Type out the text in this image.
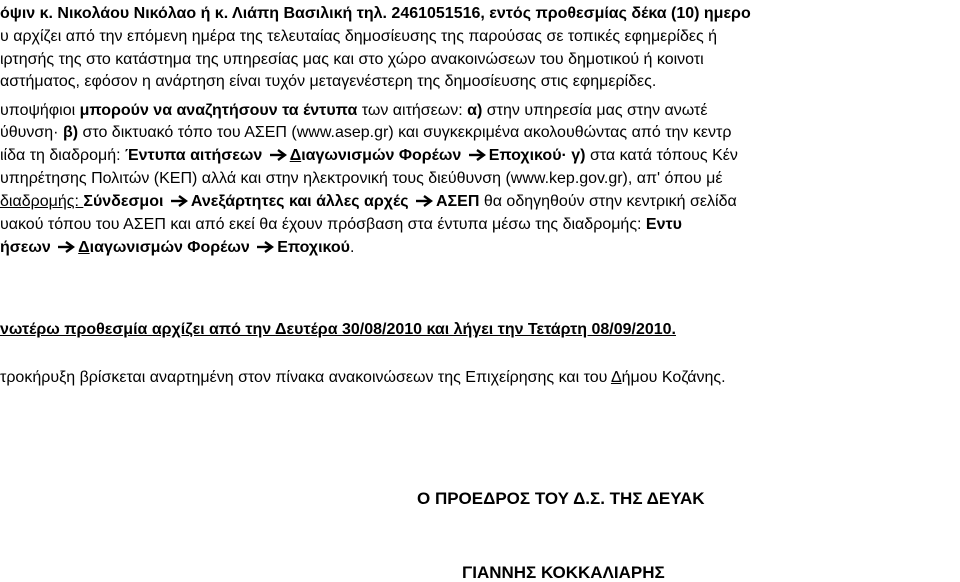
όψιν κ. Νικολάου Νικόλαο ή κ. Λιάπη Βασιλική τηλ. 2461051516, εντός προθεσμίας δέκα (10) ημερο
υ αρχίζει από την επόμενη ημέρα της τελευταίας δημοσίευσης της παρούσας σε τοπικές εφημερίδες ή
ιρτησής της στο κατάστημα της υπηρεσίας μας και στο χώρο ανακοινώσεων του δημοτικού ή κοινοτι
αστήματος, εφόσον η ανάρτηση είναι τυχόν μεταγενέστερη της δημοσίευσης στις εφημερίδες.
υποψήφιοι μπορούν να αναζητήσουν τα έντυπα των αιτήσεων: α) στην υπηρεσία μας στην ανωτέ
ύθυνση· β) στο δικτυακό τόπο του ΑΣΕΠ (www.asep.gr) και συγκεκριμένα ακολουθώντας από την κεντρ
ιίδα τη διαδρομή: Έντυπα αιτήσεων
Διαγωνισμών Φορέων
Εποχικού· γ) στα κατά τόπους Κέν
υπηρέτησης Πολιτών (ΚΕΠ) αλλά και στην ηλεκτρονική τους διεύθυνση (www.kep.gov.gr), απ' όπου μέ
διαδρομής: Σύνδεσμοι
Ανεξάρτητες και άλλες αρχές
ΑΣΕΠ θα οδηγηθούν στην κεντρική σελίδα
υακού τόπου του ΑΣΕΠ και από εκεί θα έχουν πρόσβαση στα έντυπα μέσω της διαδρομής: Εντυ
ήσεων
Διαγωνισμών Φορέων
Εποχικού.
νωτέρω προθεσμία αρχίζει από την Δευτέρα 30/08/2010 και λήγει την Τετάρτη 08/09/2010.
τροκήρυξη βρίσκεται αναρτημένη στον πίνακα ανακοινώσεων της Επιχείρησης και του Δήμου Κοζάνης.
Ο ΠΡΟΕΔΡΟΣ ΤΟΥ Δ.Σ. ΤΗΣ ΔΕΥΑΚ
ΓΙΑΝΝΗΣ ΚΟΚΚΑΛΙΑΡΗΣ
